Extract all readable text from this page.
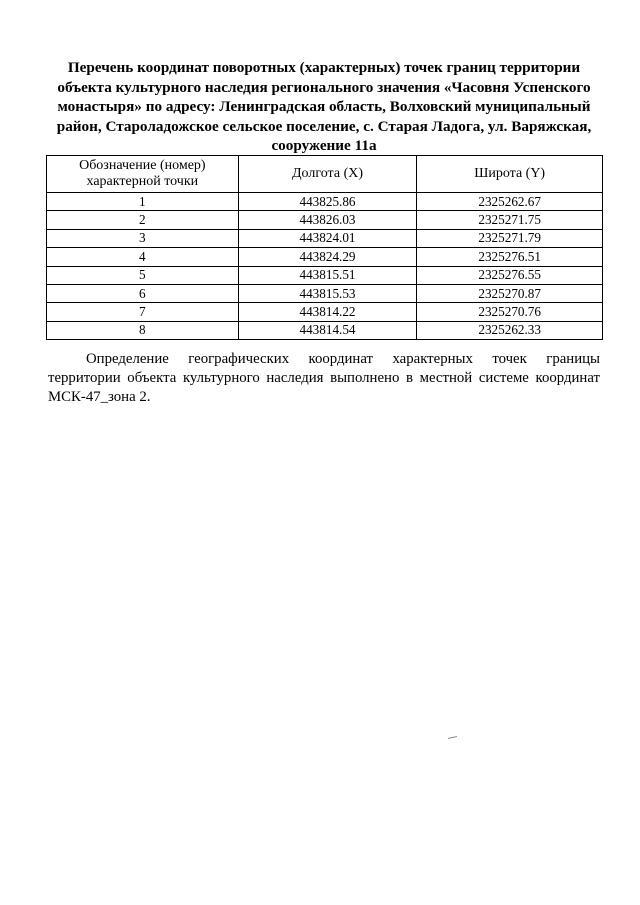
Перечень координат поворотных (характерных) точек границ территории
объекта культурного наследия регионального значения «Часовня Успенского
монастыря» по адресу: Ленинградская область, Волховский муниципальный
район, Староладожское сельское поселение, с. Старая Ладога, ул. Варяжская,
сооружение 11а
Обозначение (номер)
характерной точки	Долгота (X)	Широта (Y)
1	443825.86	2325262.67
2	443826.03	2325271.75
3	443824.01	2325271.79
4	443824.29	2325276.51
5	443815.51	2325276.55
6	443815.53	2325270.87
7	443814.22	2325270.76
8	443814.54	2325262.33

Определение географических координат характерных точек границы
территории объекта культурного наследия выполнено в местной системе координат
МСК-47_зона 2.
